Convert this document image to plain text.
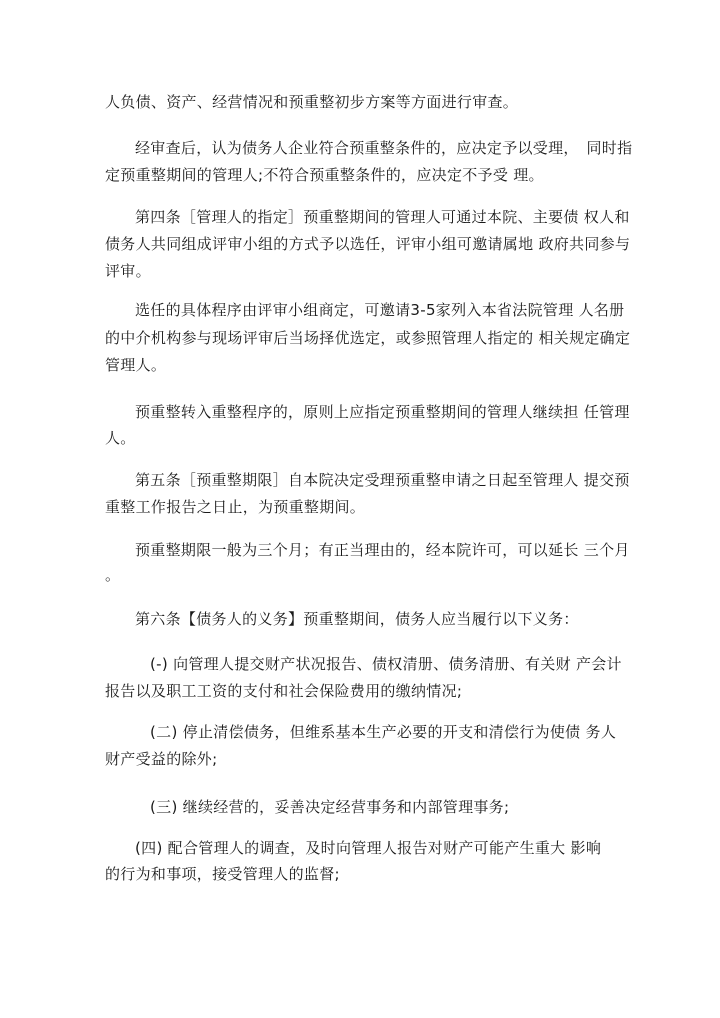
人负债、资产、经营情况和预重整初步方案等方面进行审查。
经审查后，认为债务人企业符合预重整条件的，应决定予以受理，　同时指
定预重整期间的管理人;不符合预重整条件的，应决定不予受 理。
第四条［管理人的指定］预重整期间的管理人可通过本院、主要债 权人和
债务人共同组成评审小组的方式予以选任，评审小组可邀请属地 政府共同参与
评审。
选任的具体程序由评审小组商定，可邀请3-5家列入本省法院管理 人名册
的中介机构参与现场评审后当场择优选定，或参照管理人指定的 相关规定确定
管理人。
预重整转入重整程序的，原则上应指定预重整期间的管理人继续担 任管理
人。
第五条［预重整期限］自本院决定受理预重整申请之日起至管理人 提交预
重整工作报告之日止，为预重整期间。
预重整期限一般为三个月；有正当理由的，经本院许可，可以延长 三个月
。
第六条【债务人的义务】预重整期间，债务人应当履行以下义务：
(-) 向管理人提交财产状况报告、债权清册、债务清册、有关财 产会计
报告以及职工工资的支付和社会保险费用的缴纳情况;
(二) 停止清偿债务，但维系基本生产必要的开支和清偿行为使债 务人
财产受益的除外;
(三) 继续经营的，妥善决定经营事务和内部管理事务;
(四) 配合管理人的调查，及时向管理人报告对财产可能产生重大 影响
的行为和事项，接受管理人的监督;
